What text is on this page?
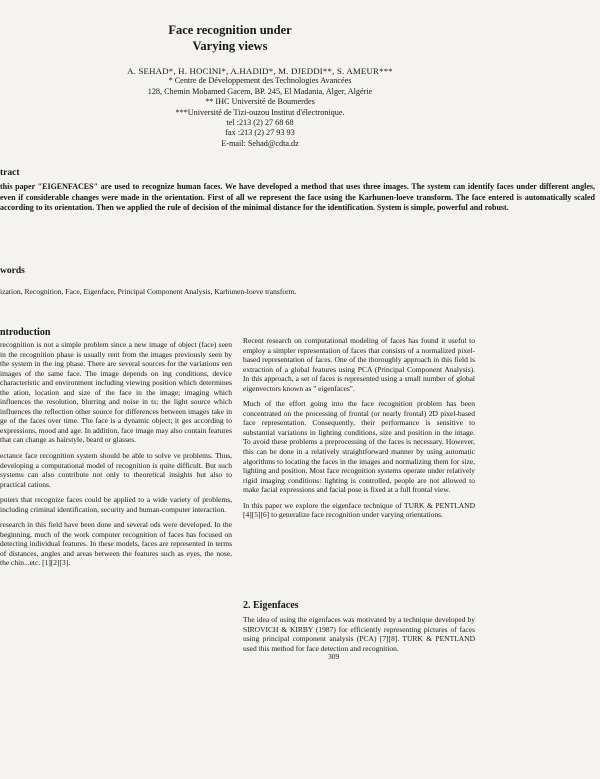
Face recognition under
Varying views
A. SEHAD*, H. HOCINI*, A.HADID*, M. DJEDDI**, S. AMEUR***
* Centre de Développement des Technologies Avancées
128, Chemin Mohamed Gacem, BP. 245, El Madania, Alger, Algérie
** IHC Université de Boumerdes
***Université de Tizi-ouzou Institut d'électronique.
tel :213 (2) 27 68 68
fax :213 (2) 27 93 93
E-mail: Sehad@cdta.dz
tract
this paper "EIGENFACES" are used to recognize human faces. We have developed a method that uses three images. The system can identify faces under different angles, even if considerable changes were made in the orientation. First of all we represent the face using the Karhunen-loeve transform. The face entered is automatically scaled according to its orientation. Then we applied the rule of decision of the minimal distance for the identification. System is simple, powerful and robust.
words
ization, Recognition, Face, Eigenface, Principal Component Analysis, Karhunen-loeve transform.
ntroduction

recognition is not a simple problem since a new image of object (face) seen in the recognition phase is usually rent from the images previously seen by the system in the ing phase. There are several sources for the variations een images of the same face. The image depends on ing conditions, device characteristic and environment including viewing position which determines the ation, location and size of the face in the image; imaging which influences the resolution, blurring and noise in ts; the light source which influences the reflection other source for differences between images take in ge of the faces over time. The face is a dynamic object; it ges according to expressions, mood and age. In addition, face image may also contain features that can change as hairstyle, beard or glasses.

ectance face recognition system should be able to solve ve problems. Thus, developing a computational model of recognition is quite difficult. But such systems can also contribute not only to theoretical insights but also to practical cations.

puters that recognize faces could be applied to a wide variety of problems, including criminal identification, security and human-computer interaction.

research in this field have been done and several ods were developed. In the beginning, much of the work computer recognition of faces has focused on detecting individual features. In these models, faces are represented in terms of distances, angles and areas between the features such as eyes, the nose, the chin...etc. [1][2][3].

Recent research on computational modeling of faces has found it useful to employ a simpler representation of faces that consists of a normalized pixel-based representation of faces. One of the thoroughly approach in this field is extraction of a global features using PCA (Principal Component Analysis). In this approach, a set of faces is represented using a small number of global eigenvectors known as " eigenfaces".

Much of the effort going into the face recognition problem has been concentrated on the processing of frontal (or nearly frontal) 2D pixel-based face representation. Consequently, their performance is sensitive to substantial variations in lighting conditions, size and position in the image. To avoid these problems a preprocessing of the faces is necessary. However, this can be done in a relatively straightforward manner by using automatic algorithms to locating the faces in the images and normalizing them for size, lighting and position. Most face recognition systems operate under relatively rigid imaging conditions: lighting is controlled, people are not allowed to make facial expressions and facial pose is fixed at a full frontal view.

In this paper we explore the eigenface technique of TURK & PENTLAND [4][5][6] to generalize face recognition under varying orientations.

2. Eigenfaces

The idea of using the eigenfaces was motivated by a technique developed by SIROVICH & KIRBY (1987) for efficiently representing pictures of faces using principal component analysis (PCA) [7][8]. TURK & PENTLAND used this method for face detection and recognition.

309
